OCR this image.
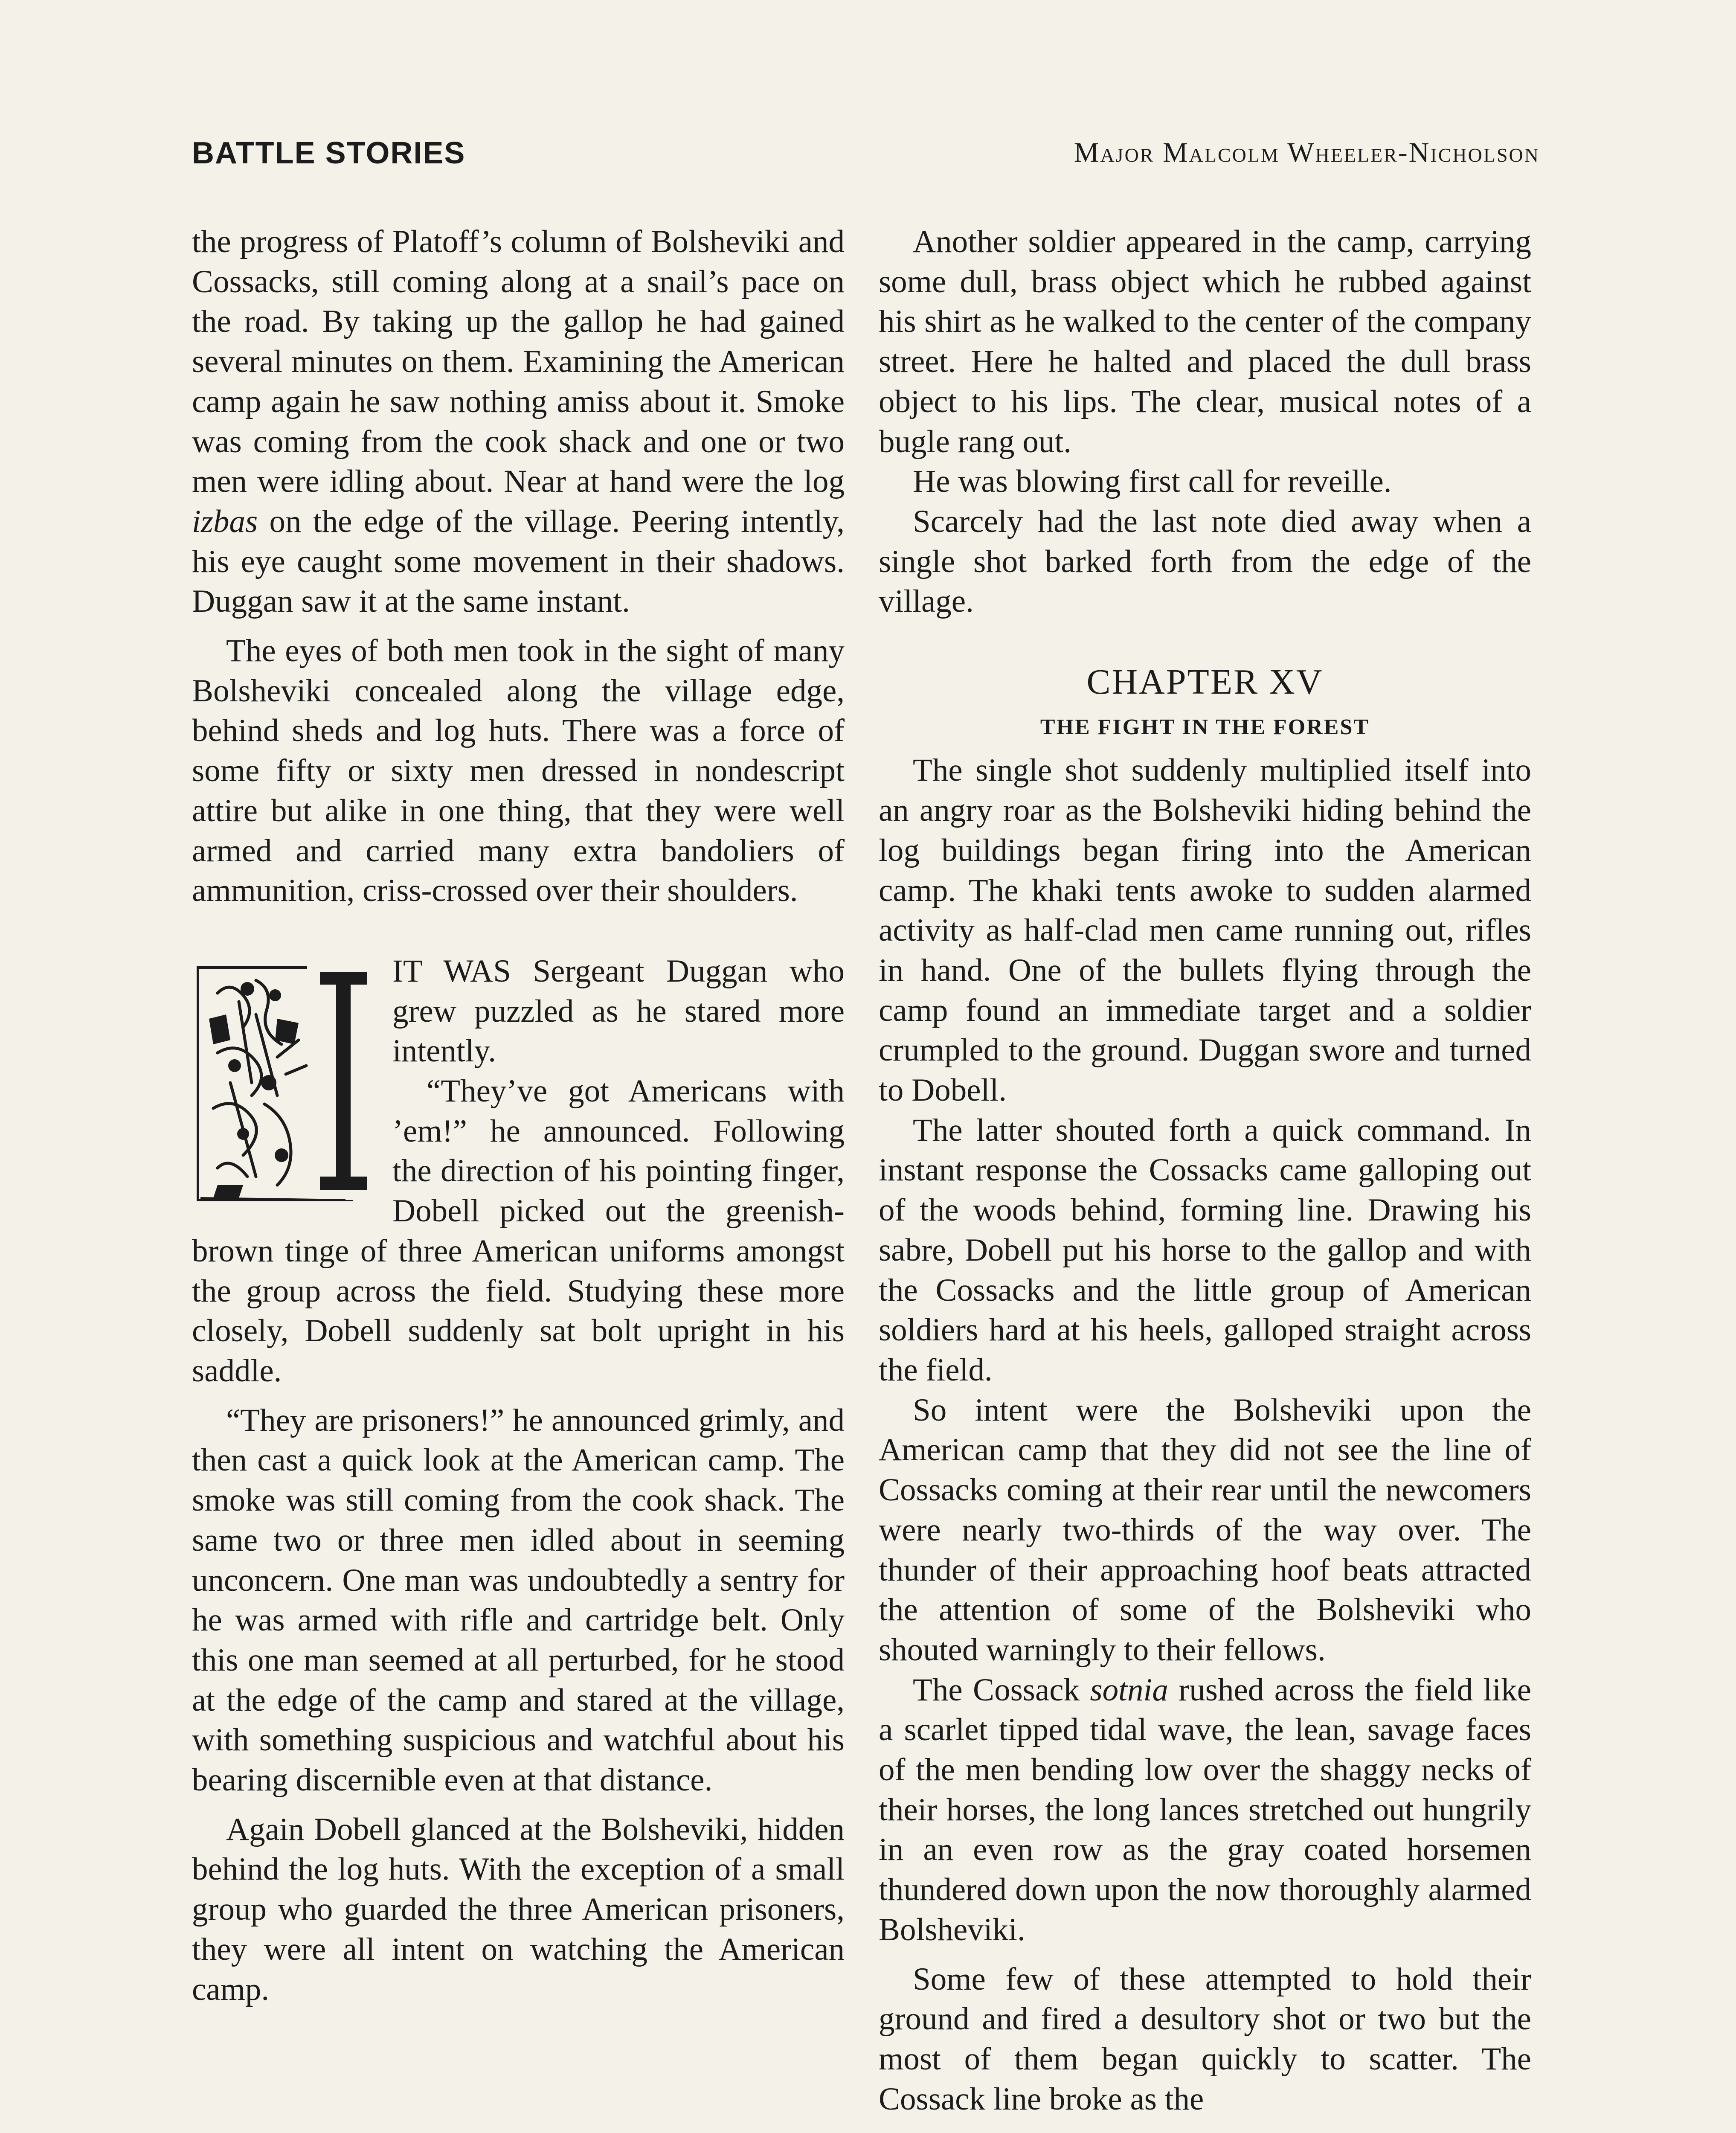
BATTLE STORIES	Major Malcolm Wheeler-Nicholson

the progress of Platoff’s column of Bolsheviki and Cossacks, still coming along at a snail’s pace on the road. By taking up the gallop he had gained several minutes on them. Examining the American camp again he saw nothing amiss about it. Smoke was coming from the cook shack and one or two men were idling about. Near at hand were the log izbas on the edge of the village. Peering intently, his eye caught some movement in their shadows. Duggan saw it at the same instant.

The eyes of both men took in the sight of many Bolsheviki concealed along the village edge, behind sheds and log huts. There was a force of some fifty or sixty men dressed in nondescript attire but alike in one thing, that they were well armed and carried many extra bandoliers of ammunition, criss-crossed over their shoulders.

IT WAS Sergeant Duggan who grew puzzled as he stared more intently.

“They’ve got Americans with ’em!” he announced. Following the direction of his pointing finger, Dobell picked out the greenish-brown tinge of three American uniforms amongst the group across the field. Studying these more closely, Dobell suddenly sat bolt upright in his saddle.

“They are prisoners!” he announced grimly, and then cast a quick look at the American camp. The smoke was still coming from the cook shack. The same two or three men idled about in seeming unconcern. One man was undoubtedly a sentry for he was armed with rifle and cartridge belt. Only this one man seemed at all perturbed, for he stood at the edge of the camp and stared at the village, with something suspicious and watchful about his bearing discernible even at that distance.

Again Dobell glanced at the Bolsheviki, hidden behind the log huts. With the exception of a small group who guarded the three American prisoners, they were all intent on watching the American camp.

Another soldier appeared in the camp, carrying some dull, brass object which he rubbed against his shirt as he walked to the center of the company street. Here he halted and placed the dull brass object to his lips. The clear, musical notes of a bugle rang out.

He was blowing first call for reveille.

Scarcely had the last note died away when a single shot barked forth from the edge of the village.

CHAPTER XV
THE FIGHT IN THE FOREST

The single shot suddenly multiplied itself into an angry roar as the Bolsheviki hiding behind the log buildings began firing into the American camp. The khaki tents awoke to sudden alarmed activity as half-clad men came running out, rifles in hand. One of the bullets flying through the camp found an immediate target and a soldier crumpled to the ground. Duggan swore and turned to Dobell.

The latter shouted forth a quick command. In instant response the Cossacks came galloping out of the woods behind, forming line. Drawing his sabre, Dobell put his horse to the gallop and with the Cossacks and the little group of American soldiers hard at his heels, galloped straight across the field.

So intent were the Bolsheviki upon the American camp that they did not see the line of Cossacks coming at their rear until the newcomers were nearly two-thirds of the way over. The thunder of their approaching hoof beats attracted the attention of some of the Bolsheviki who shouted warningly to their fellows.

The Cossack sotnia rushed across the field like a scarlet tipped tidal wave, the lean, savage faces of the men bending low over the shaggy necks of their horses, the long lances stretched out hungrily in an even row as the gray coated horsemen thundered down upon the now thoroughly alarmed Bolsheviki.

Some few of these attempted to hold their ground and fired a desultory shot or two but the most of them began quickly to scatter. The Cossack line broke as the
